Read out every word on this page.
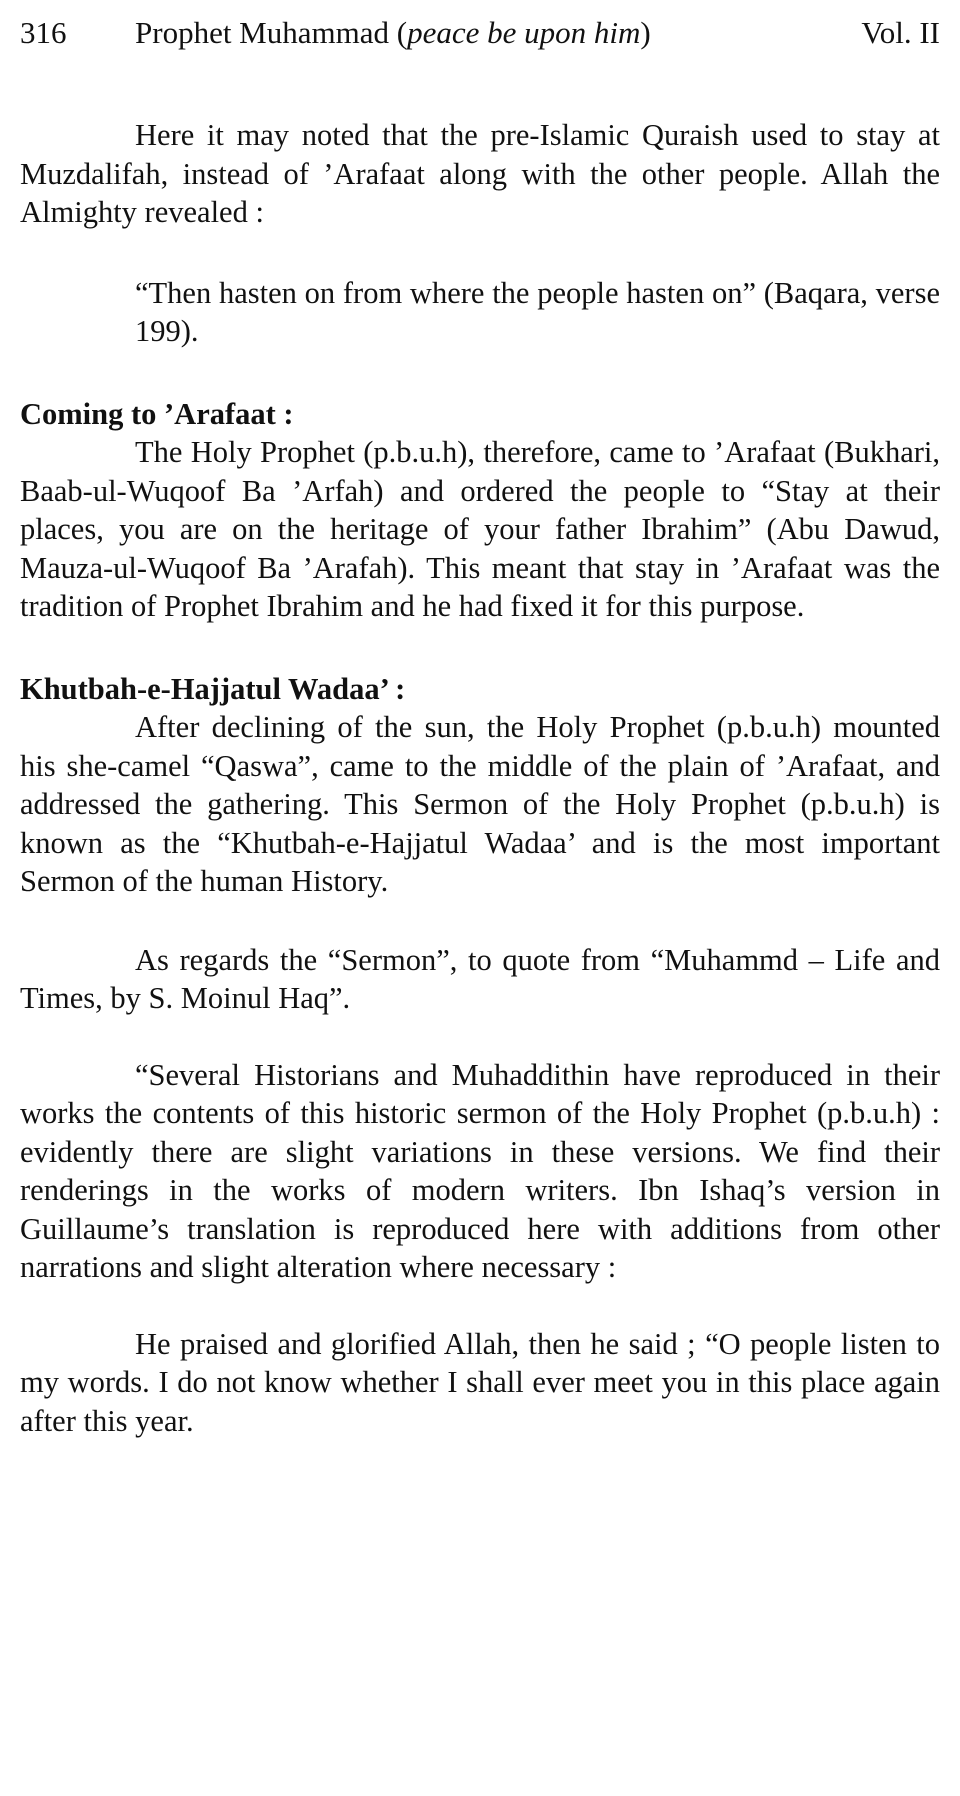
316	Prophet Muhammad (peace be upon him)	Vol. II

Here it may noted that the pre-Islamic Quraish used to stay at Muzdalifah, instead of ’Arafaat along with the other people. Allah the Almighty revealed :

“Then hasten on from where the people hasten on” (Baqara, verse 199).

Coming to ’Arafaat :

The Holy Prophet (p.b.u.h), therefore, came to ’Arafaat (Bukhari, Baab-ul-Wuqoof Ba ’Arfah) and ordered the people to “Stay at their places, you are on the heritage of your father Ibrahim” (Abu Dawud, Mauza-ul-Wuqoof Ba ’Arafah). This meant that stay in ’Arafaat was the tradition of Prophet Ibrahim and he had fixed it for this purpose.

Khutbah-e-Hajjatul Wadaa’ :

After declining of the sun, the Holy Prophet (p.b.u.h) mounted his she-camel “Qaswa”, came to the middle of the plain of ’Arafaat, and addressed the gathering. This Sermon of the Holy Prophet (p.b.u.h) is known as the “Khutbah-e-Hajjatul Wadaa’ and is the most important Sermon of the human History.

As regards the “Sermon”, to quote from “Muhammd – Life and Times, by S. Moinul Haq”.

“Several Historians and Muhaddithin have reproduced in their works the contents of this historic sermon of the Holy Prophet (p.b.u.h) : evidently there are slight variations in these versions. We find their renderings in the works of modern writers. Ibn Ishaq’s version in Guillaume’s translation is reproduced here with additions from other narrations and slight alteration where necessary :

He praised and glorified Allah, then he said ; “O people listen to my words. I do not know whether I shall ever meet you in this place again after this year.
